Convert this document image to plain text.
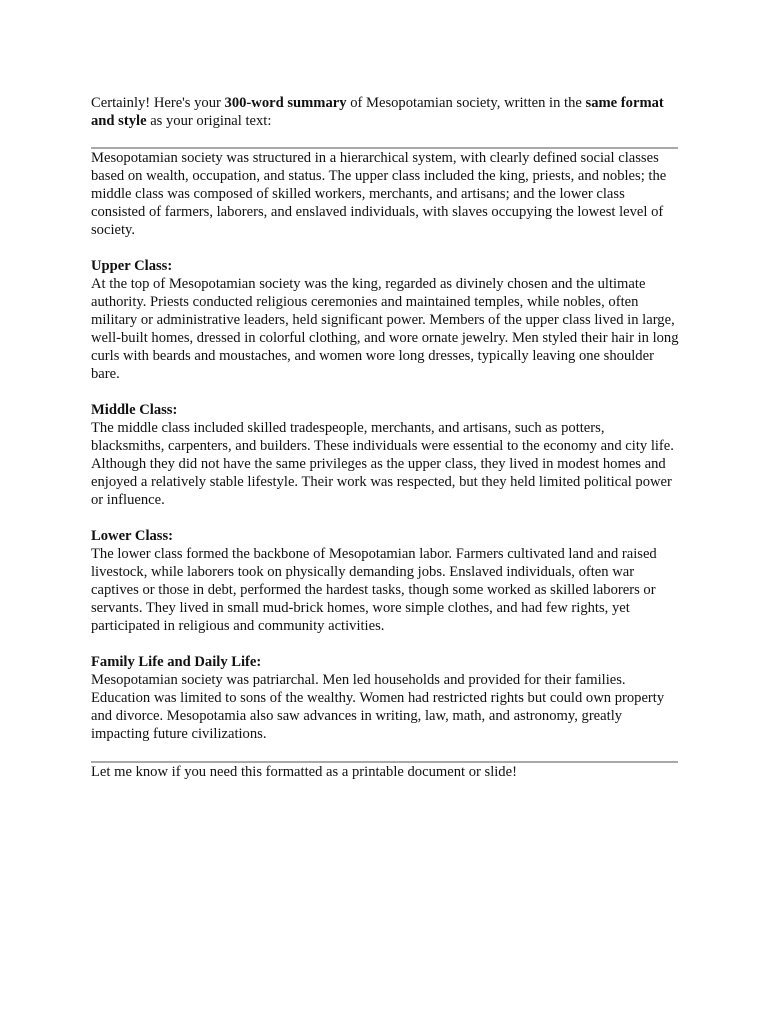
Certainly! Here's your 300-word summary of Mesopotamian society, written in the same format and style as your original text:

Mesopotamian society was structured in a hierarchical system, with clearly defined social classes based on wealth, occupation, and status. The upper class included the king, priests, and nobles; the middle class was composed of skilled workers, merchants, and artisans; and the lower class consisted of farmers, laborers, and enslaved individuals, with slaves occupying the lowest level of society.

Upper Class:

At the top of Mesopotamian society was the king, regarded as divinely chosen and the ultimate authority. Priests conducted religious ceremonies and maintained temples, while nobles, often military or administrative leaders, held significant power. Members of the upper class lived in large, well-built homes, dressed in colorful clothing, and wore ornate jewelry. Men styled their hair in long curls with beards and moustaches, and women wore long dresses, typically leaving one shoulder bare.

Middle Class:

The middle class included skilled tradespeople, merchants, and artisans, such as potters, blacksmiths, carpenters, and builders. These individuals were essential to the economy and city life. Although they did not have the same privileges as the upper class, they lived in modest homes and enjoyed a relatively stable lifestyle. Their work was respected, but they held limited political power or influence.

Lower Class:

The lower class formed the backbone of Mesopotamian labor. Farmers cultivated land and raised livestock, while laborers took on physically demanding jobs. Enslaved individuals, often war captives or those in debt, performed the hardest tasks, though some worked as skilled laborers or servants. They lived in small mud-brick homes, wore simple clothes, and had few rights, yet participated in religious and community activities.

Family Life and Daily Life:

Mesopotamian society was patriarchal. Men led households and provided for their families. Education was limited to sons of the wealthy. Women had restricted rights but could own property and divorce. Mesopotamia also saw advances in writing, law, math, and astronomy, greatly impacting future civilizations.

Let me know if you need this formatted as a printable document or slide!
